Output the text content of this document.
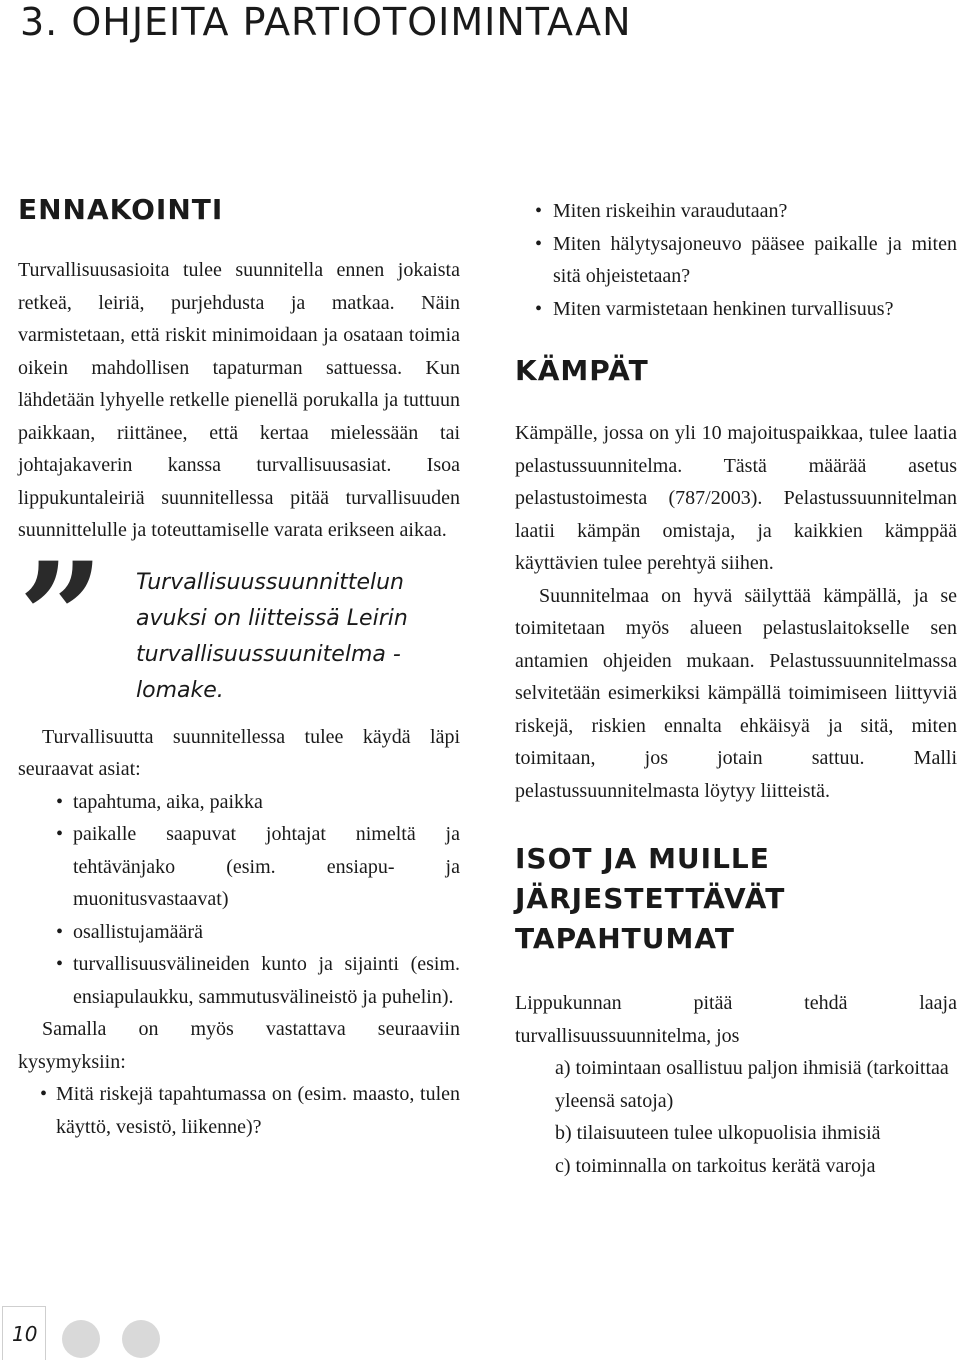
3. OHJEITA PARTIOTOIMINTAAN
ENNAKOINTI

Turvallisuusasioita tulee suunnitella ennen jokaista retkeä, leiriä, purjehdusta ja matkaa. Näin varmistetaan, että riskit minimoidaan ja osataan toimia oikein mahdollisen tapaturman sattuessa. Kun lähdetään lyhyelle retkelle pienellä porukalla ja tuttuun paikkaan, riittänee, että kertaa mielessään tai johtajakaverin kanssa turvallisuusasiat. Isoa lippukuntaleiriä suunnitellessa pitää turvallisuuden suunnittelulle ja toteuttamiselle varata erikseen aikaa.

” Turvallisuussuunnittelun avuksi on liitteissä Leirin turvallisuussuunitelma -lomake.

Turvallisuutta suunnitellessa tulee käydä läpi seuraavat asiat:

• tapahtuma, aika, paikka
• paikalle saapuvat johtajat nimeltä ja tehtävänjako (esim. ensiapu- ja muonitusvastaavat)
• osallistujamäärä
• turvallisuusvälineiden kunto ja sijainti (esim. ensiapulaukku, sammutusvälineistö ja puhelin).

Samalla on myös vastattava seuraaviin kysymyksiin:

• Mitä riskejä tapahtumassa on (esim. maasto, tulen käyttö, vesistö, liikenne)?
• Miten riskeihin varaudutaan?
• Miten hälytysajoneuvo pääsee paikalle ja miten sitä ohjeistetaan?
• Miten varmistetaan henkinen turvallisuus?
KÄMPÄT

Kämpälle, jossa on yli 10 majoituspaikkaa, tulee laatia pelastussuunnitelma. Tästä määrää asetus pelastustoimesta (787/2003). Pelastussuunnitelman laatii kämpän omistaja, ja kaikkien kämppää käyttävien tulee perehtyä siihen.

Suunnitelmaa on hyvä säilyttää kämpällä, ja se toimitetaan myös alueen pelastuslaitokselle sen antamien ohjeiden mukaan. Pelastussuunnitelmassa selvitetään esimerkiksi kämpällä toimimiseen liittyviä riskejä, riskien ennalta ehkäisyä ja sitä, miten toimitaan, jos jotain sattuu. Malli pelastussuunnitelmasta löytyy liitteistä.

ISOT JA MUILLE JÄRJESTETTÄVÄT TAPAHTUMAT

Lippukunnan pitää tehdä laaja turvallisuussuunnitelma, jos

a) toimintaan osallistuu paljon ihmisiä (tarkoittaa yleensä satoja)
b) tilaisuuteen tulee ulkopuolisia ihmisiä
c) toiminnalla on tarkoitus kerätä varoja
10
